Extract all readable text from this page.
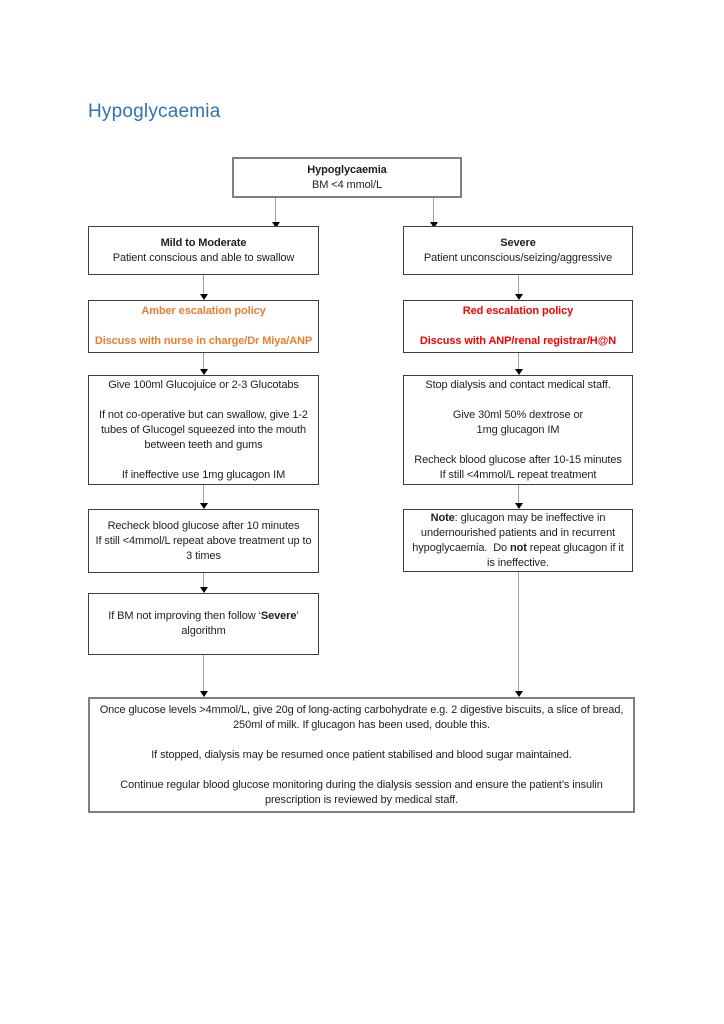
Hypoglycaemia

Hypoglycaemia
BM <4 mmol/L

Mild to Moderate
Patient conscious and able to swallow

Severe
Patient unconscious/seizing/aggressive

Amber escalation policy

Discuss with nurse in charge/Dr Miya/ANP

Red escalation policy

Discuss with ANP/renal registrar/H@N

Give 100ml Glucojuice or 2-3 Glucotabs

If not co-operative but can swallow, give 1-2 tubes of Glucogel squeezed into the mouth between teeth and gums

If ineffective use 1mg glucagon IM

Stop dialysis and contact medical staff.

Give 30ml 50% dextrose or
1mg glucagon IM

Recheck blood glucose after 10-15 minutes
If still <4mmol/L repeat treatment

Recheck blood glucose after 10 minutes
If still <4mmol/L repeat above treatment up to 3 times

Note: glucagon may be ineffective in undernourished patients and in recurrent hypoglycaemia.  Do not repeat glucagon if it is ineffective.

If BM not improving then follow ‘Severe’ algorithm

Once glucose levels >4mmol/L, give 20g of long-acting carbohydrate e.g. 2 digestive biscuits, a slice of bread, 250ml of milk. If glucagon has been used, double this.

If stopped, dialysis may be resumed once patient stabilised and blood sugar maintained.

Continue regular blood glucose monitoring during the dialysis session and ensure the patient’s insulin prescription is reviewed by medical staff.
